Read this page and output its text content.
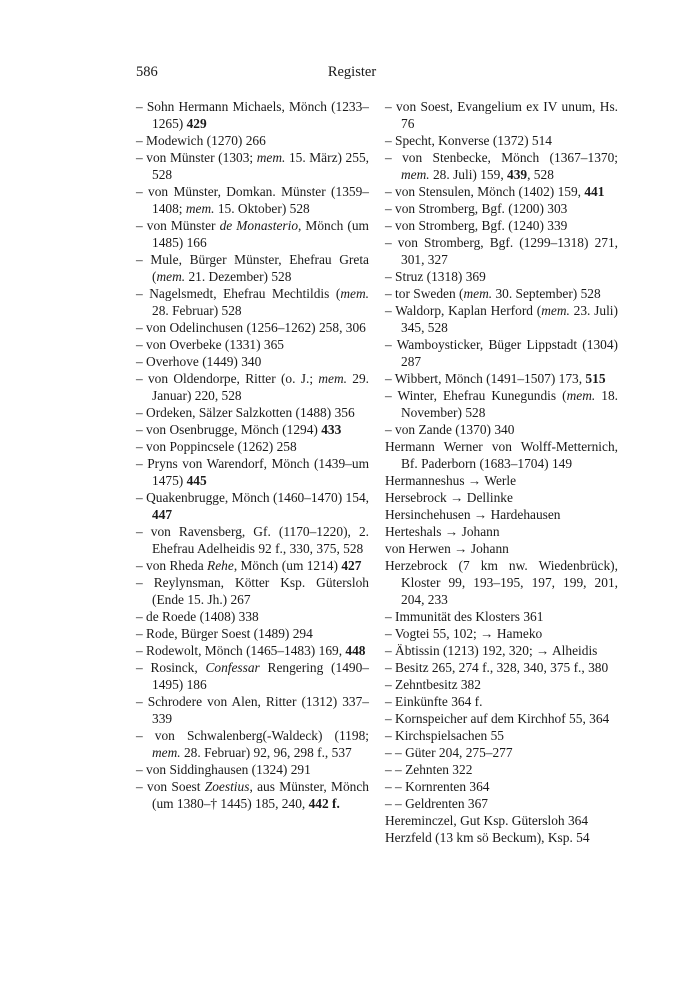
586	Register
– Sohn Hermann Michaels, Mönch (1233–1265) 429
– Modewich (1270) 266
– von Münster (1303; mem. 15. März) 255, 528
– von Münster, Domkan. Münster (1359–1408; mem. 15. Oktober) 528
– von Münster de Monasterio, Mönch (um 1485) 166
– Mule, Bürger Münster, Ehefrau Greta (mem. 21. Dezember) 528
– Nagelsmedt, Ehefrau Mechtildis (mem. 28. Februar) 528
– von Odelinchusen (1256–1262) 258, 306
– von Overbeke (1331) 365
– Overhove (1449) 340
– von Oldendorpe, Ritter (o. J.; mem. 29. Januar) 220, 528
– Ordeken, Sälzer Salzkotten (1488) 356
– von Osenbrugge, Mönch (1294) 433
– von Poppincsele (1262) 258
– Pryns von Warendorf, Mönch (1439–um 1475) 445
– Quakenbrugge, Mönch (1460–1470) 154, 447
– von Ravensberg, Gf. (1170–1220), 2. Ehefrau Adelheidis 92 f., 330, 375, 528
– von Rheda Rehe, Mönch (um 1214) 427
– Reylynsman, Kötter Ksp. Gütersloh (Ende 15. Jh.) 267
– de Roede (1408) 338
– Rode, Bürger Soest (1489) 294
– Rodewolt, Mönch (1465–1483) 169, 448
– Rosinck, Confessar Rengering (1490–1495) 186
– Schrodere von Alen, Ritter (1312) 337–339
– von Schwalenberg(-Waldeck) (1198; mem. 28. Februar) 92, 96, 298 f., 537
– von Siddinghausen (1324) 291
– von Soest Zoestius, aus Münster, Mönch (um 1380–† 1445) 185, 240, 442 f.
– von Soest, Evangelium ex IV unum, Hs. 76
– Specht, Konverse (1372) 514
– von Stenbecke, Mönch (1367–1370; mem. 28. Juli) 159, 439, 528
– von Stensulen, Mönch (1402) 159, 441
– von Stromberg, Bgf. (1200) 303
– von Stromberg, Bgf. (1240) 339
– von Stromberg, Bgf. (1299–1318) 271, 301, 327
– Struz (1318) 369
– tor Sweden (mem. 30. September) 528
– Waldorp, Kaplan Herford (mem. 23. Juli) 345, 528
– Wamboysticker, Büger Lippstadt (1304) 287
– Wibbert, Mönch (1491–1507) 173, 515
– Winter, Ehefrau Kunegundis (mem. 18. November) 528
– von Zande (1370) 340
Hermann Werner von Wolff-Metternich, Bf. Paderborn (1683–1704) 149
Hermanneshus → Werle
Hersebrock → Dellinke
Hersinchehusen → Hardehausen
Herteshals → Johann
von Herwen → Johann
Herzebrock (7 km nw. Wiedenbrück), Kloster 99, 193–195, 197, 199, 201, 204, 233
– Immunität des Klosters 361
– Vogtei 55, 102; → Hameko
– Äbtissin (1213) 192, 320; → Alheidis
– Besitz 265, 274 f., 328, 340, 375 f., 380
– Zehntbesitz 382
– Einkünfte 364 f.
– Kornspeicher auf dem Kirchhof 55, 364
– Kirchspielsachen 55
– – Güter 204, 275–277
– – Zehnten 322
– – Kornrenten 364
– – Geldrenten 367
Hereminczel, Gut Ksp. Gütersloh 364
Herzfeld (13 km sö Beckum), Ksp. 54
